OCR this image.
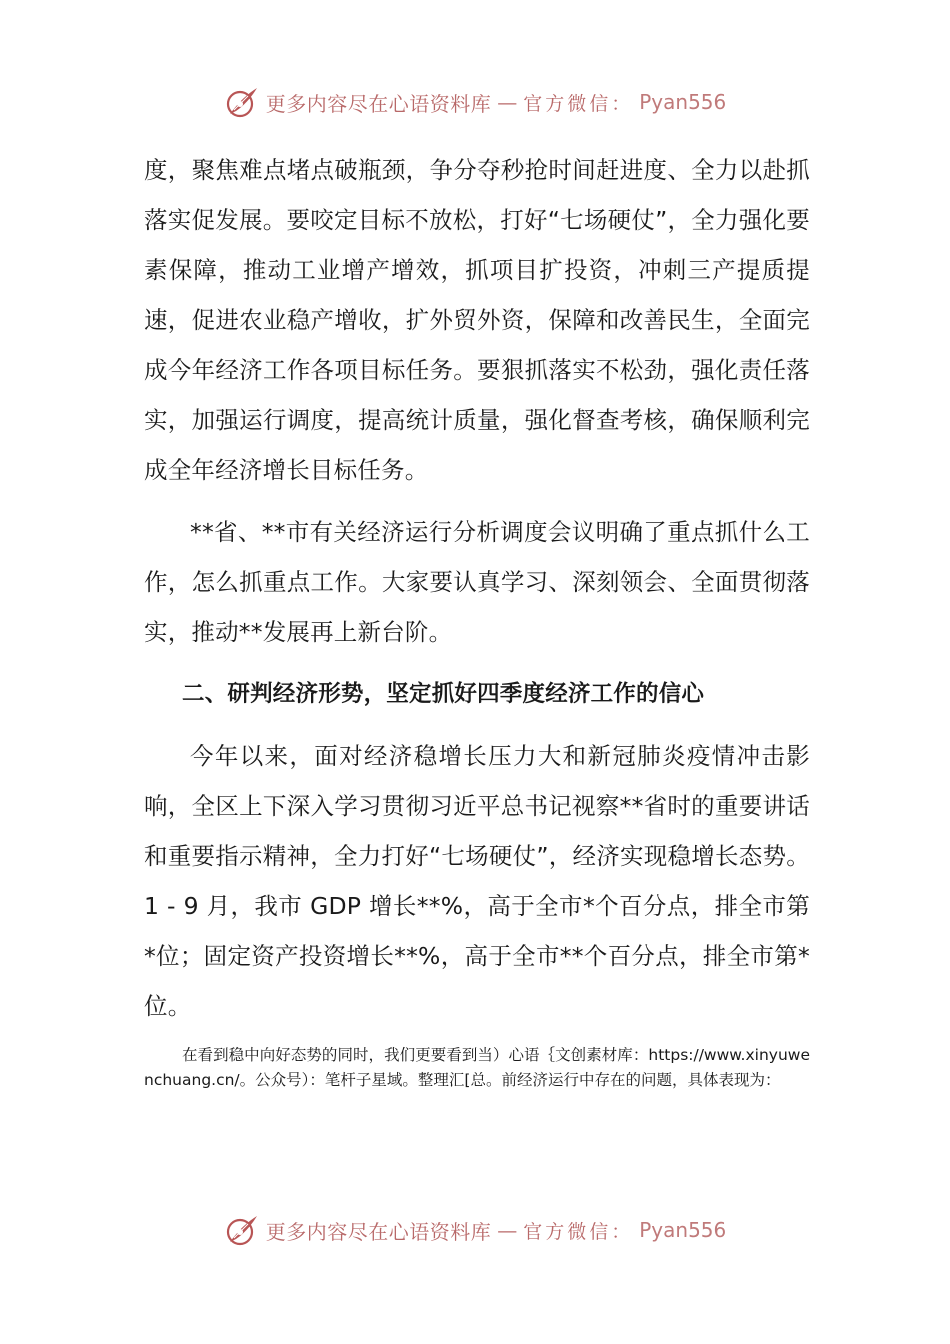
更多内容尽在心语资料库 — 官方微信： Pyan556

度，聚焦难点堵点破瓶颈，争分夺秒抢时间赶进度、全力以赴抓落实促发展。要咬定目标不放松，打好“七场硬仗”，全力强化要素保障，推动工业增产增效，抓项目扩投资，冲刺三产提质提速，促进农业稳产增收，扩外贸外资，保障和改善民生，全面完成今年经济工作各项目标任务。要狠抓落实不松劲，强化责任落实，加强运行调度，提高统计质量，强化督查考核，确保顺利完成全年经济增长目标任务。

**省、**市有关经济运行分析调度会议明确了重点抓什么工作，怎么抓重点工作。大家要认真学习、深刻领会、全面贯彻落实，推动**发展再上新台阶。

二、研判经济形势，坚定抓好四季度经济工作的信心

今年以来，面对经济稳增长压力大和新冠肺炎疫情冲击影响，全区上下深入学习贯彻习近平总书记视察**省时的重要讲话和重要指示精神，全力打好“七场硬仗”，经济实现稳增长态势。1 - 9 月，我市 GDP 增长**%，高于全市*个百分点，排全市第*位；固定资产投资增长**%，高于全市**个百分点，排全市第*位。

在看到稳中向好态势的同时，我们更要看到当）心语｛文创素材库：https://www.xinyuwenchuang.cn/。公众号）：笔杆子星域。整理汇[总。前经济运行中存在的问题，具体表现为：

更多内容尽在心语资料库 — 官方微信： Pyan556
